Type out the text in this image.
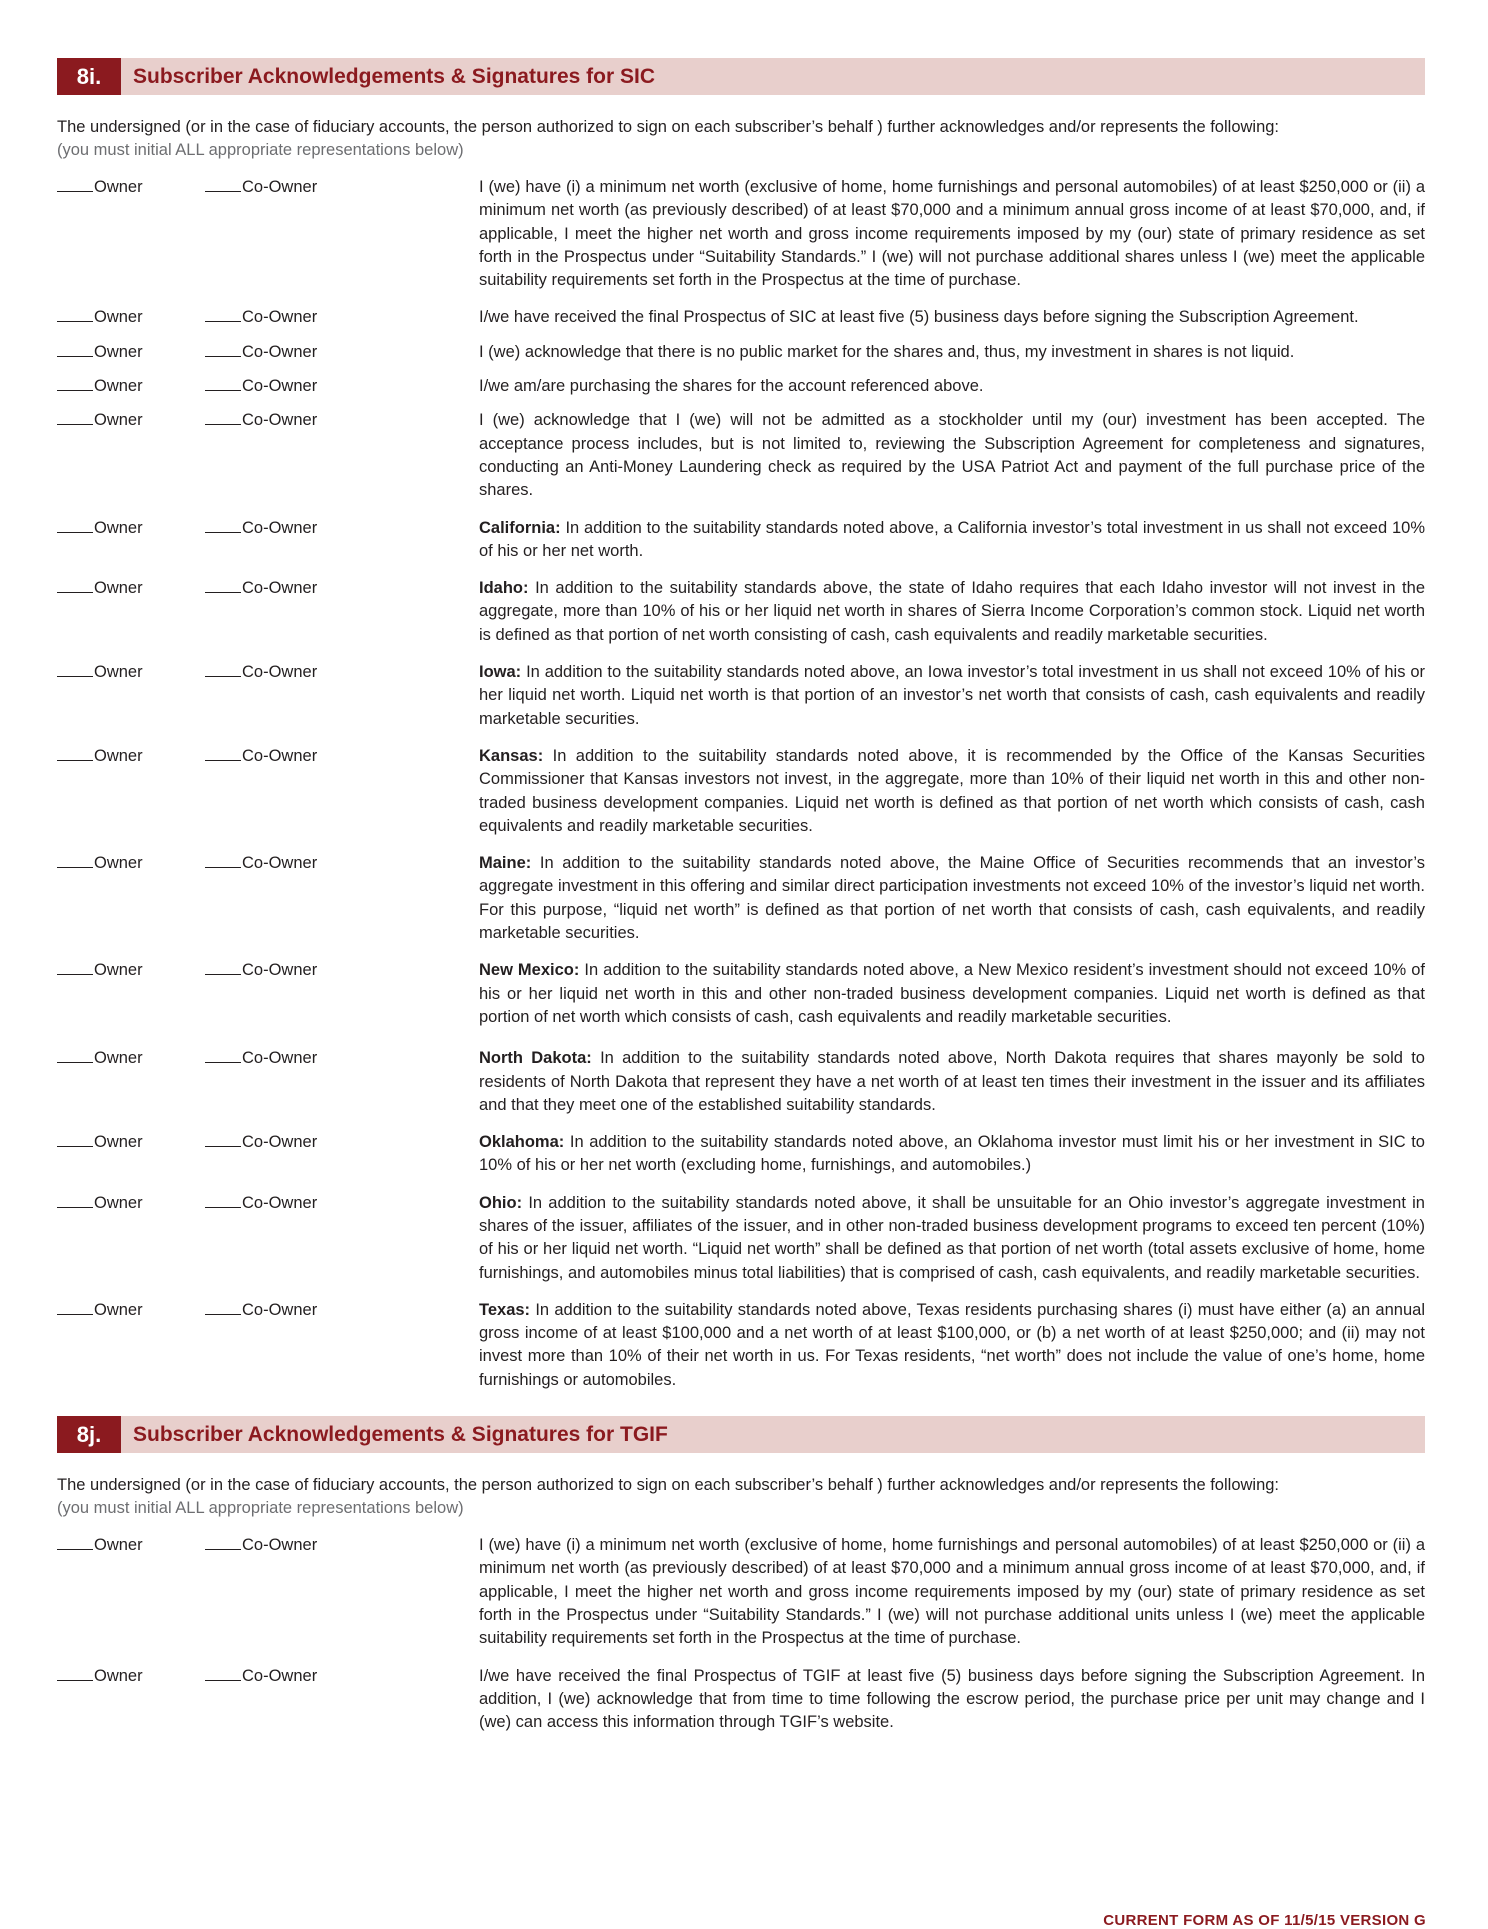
8i.	Subscriber Acknowledgements & Signatures for SIC
The undersigned (or in the case of fiduciary accounts, the person authorized to sign on each subscriber’s behalf ) further acknowledges and/or represents the following:
(you must initial ALL appropriate representations below)
Owner	Co-Owner	I (we) have (i) a minimum net worth (exclusive of home, home furnishings and personal automobiles) of at least $250,000 or (ii) a minimum net worth (as previously described) of at least $70,000 and a minimum annual gross income of at least $70,000, and, if applicable, I meet the higher net worth and gross income requirements imposed by my (our) state of primary residence as set forth in the Prospectus under “Suitability Standards.” I (we) will not purchase additional shares unless I (we) meet the applicable suitability requirements set forth in the Prospectus at the time of purchase.
Owner	Co-Owner	I/we have received the final Prospectus of SIC at least five (5) business days before signing the Subscription Agreement.
Owner	Co-Owner	I (we) acknowledge that there is no public market for the shares and, thus, my investment in shares is not liquid.
Owner	Co-Owner	I/we am/are purchasing the shares for the account referenced above.
Owner	Co-Owner	I (we) acknowledge that I (we) will not be admitted as a stockholder until my (our) investment has been accepted. The acceptance process includes, but is not limited to, reviewing the Subscription Agreement for completeness and signatures, conducting an Anti-Money Laundering check as required by the USA Patriot Act and payment of the full purchase price of the shares.
Owner	Co-Owner	California: In addition to the suitability standards noted above, a California investor’s total investment in us shall not exceed 10% of his or her net worth.
Owner	Co-Owner	Idaho: In addition to the suitability standards above, the state of Idaho requires that each Idaho investor will not invest in the aggregate, more than 10% of his or her liquid net worth in shares of Sierra Income Corporation’s common stock. Liquid net worth is defined as that portion of net worth consisting of cash, cash equivalents and readily marketable securities.
Owner	Co-Owner	Iowa: In addition to the suitability standards noted above, an Iowa investor’s total investment in us shall not exceed 10% of his or her liquid net worth. Liquid net worth is that portion of an investor’s net worth that consists of cash, cash equivalents and readily marketable securities.
Owner	Co-Owner	Kansas: In addition to the suitability standards noted above, it is recommended by the Office of the Kansas Securities Commissioner that Kansas investors not invest, in the aggregate, more than 10% of their liquid net worth in this and other non-traded business development companies. Liquid net worth is defined as that portion of net worth which consists of cash, cash equivalents and readily marketable securities.
Owner	Co-Owner	Maine: In addition to the suitability standards noted above, the Maine Office of Securities recommends that an investor’s aggregate investment in this offering and similar direct participation investments not exceed 10% of the investor’s liquid net worth. For this purpose, “liquid net worth” is defined as that portion of net worth that consists of cash, cash equivalents, and readily marketable securities.
Owner	Co-Owner	New Mexico: In addition to the suitability standards noted above, a New Mexico resident’s investment should not exceed 10% of his or her liquid net worth in this and other non-traded business development companies. Liquid net worth is defined as that portion of net worth which consists of cash, cash equivalents and readily marketable securities.
Owner	Co-Owner	North Dakota: In addition to the suitability standards noted above, North Dakota requires that shares mayonly be sold to residents of North Dakota that represent they have a net worth of at least ten times their investment in the issuer and its affiliates and that they meet one of the established suitability standards.
Owner	Co-Owner	Oklahoma: In addition to the suitability standards noted above, an Oklahoma investor must limit his or her investment in SIC to 10% of his or her net worth (excluding home, furnishings, and automobiles.)
Owner	Co-Owner	Ohio: In addition to the suitability standards noted above, it shall be unsuitable for an Ohio investor’s aggregate investment in shares of the issuer, affiliates of the issuer, and in other non-traded business development programs to exceed ten percent (10%) of his or her liquid net worth. “Liquid net worth” shall be defined as that portion of net worth (total assets exclusive of home, home furnishings, and automobiles minus total liabilities) that is comprised of cash, cash equivalents, and readily marketable securities.
Owner	Co-Owner	Texas: In addition to the suitability standards noted above, Texas residents purchasing shares (i) must have either (a) an annual gross income of at least $100,000 and a net worth of at least $100,000, or (b) a net worth of at least $250,000; and (ii) may not invest more than 10% of their net worth in us. For Texas residents, “net worth” does not include the value of one’s home, home furnishings or automobiles.
8j.	Subscriber Acknowledgements & Signatures for TGIF
The undersigned (or in the case of fiduciary accounts, the person authorized to sign on each subscriber’s behalf ) further acknowledges and/or represents the following:
(you must initial ALL appropriate representations below)
Owner	Co-Owner	I (we) have (i) a minimum net worth (exclusive of home, home furnishings and personal automobiles) of at least $250,000 or (ii) a minimum net worth (as previously described) of at least $70,000 and a minimum annual gross income of at least $70,000, and, if applicable, I meet the higher net worth and gross income requirements imposed by my (our) state of primary residence as set forth in the Prospectus under “Suitability Standards.” I (we) will not purchase additional units unless I (we) meet the applicable suitability requirements set forth in the Prospectus at the time of purchase.
Owner	Co-Owner	I/we have received the final Prospectus of TGIF at least five (5) business days before signing the Subscription Agreement. In addition, I (we) acknowledge that from time to time following the escrow period, the purchase price per unit may change and I (we) can access this information through TGIF’s website.
CURRENT FORM AS OF 11/5/15 VERSION G
